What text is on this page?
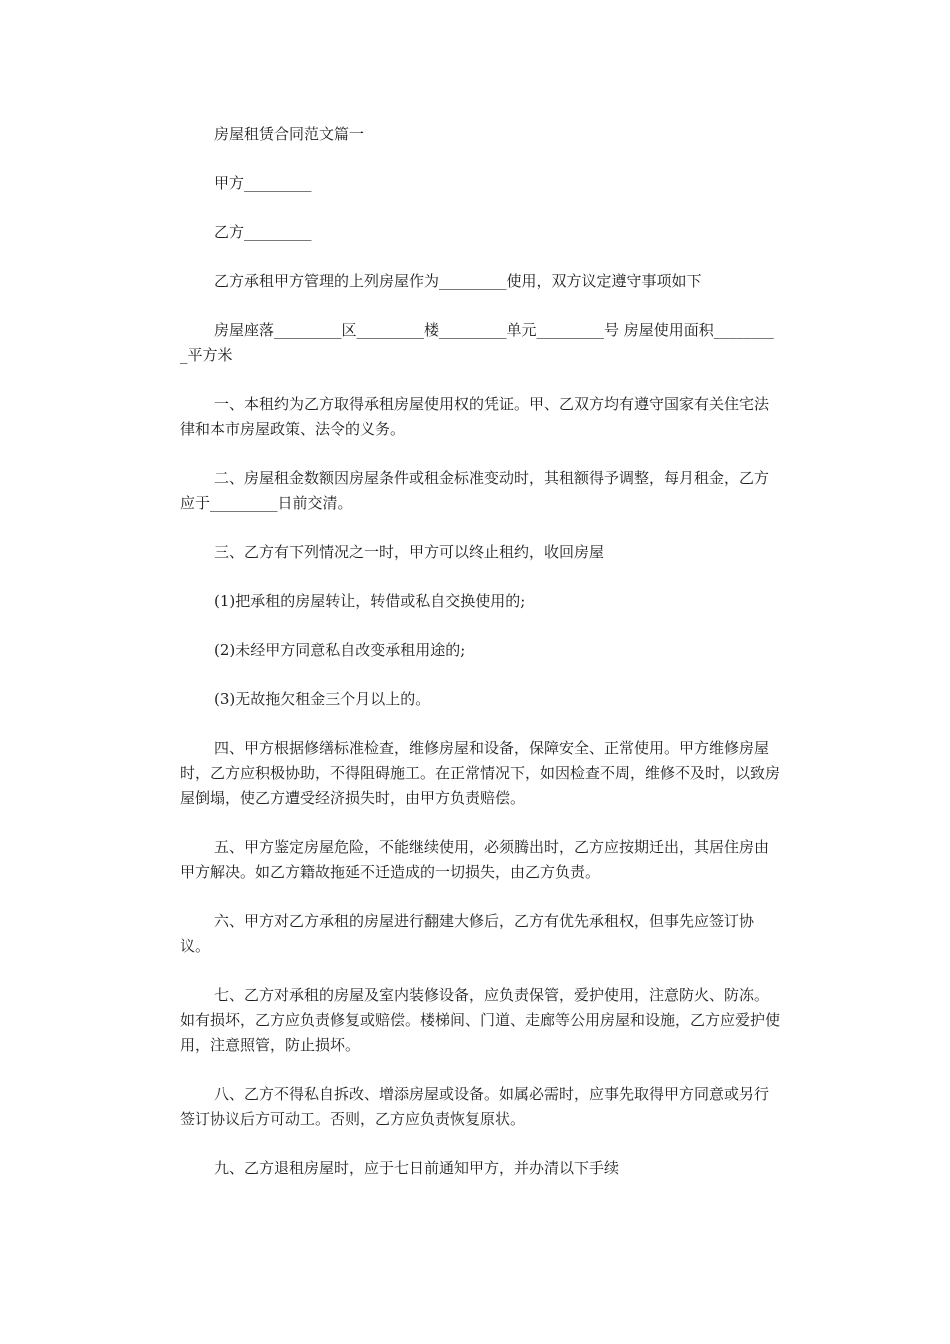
房屋租赁合同范文篇一

甲方_________

乙方_________

乙方承租甲方管理的上列房屋作为_________使用，双方议定遵守事项如下

房屋座落_________区_________楼_________单元_________号 房屋使用面积_________平方米

一、本租约为乙方取得承租房屋使用权的凭证。甲、乙双方均有遵守国家有关住宅法律和本市房屋政策、法令的义务。

二、房屋租金数额因房屋条件或租金标准变动时，其租额得予调整，每月租金，乙方应于_________日前交清。

三、乙方有下列情况之一时，甲方可以终止租约，收回房屋

(1)把承租的房屋转让，转借或私自交换使用的;

(2)未经甲方同意私自改变承租用途的;

(3)无故拖欠租金三个月以上的。

四、甲方根据修缮标准检查，维修房屋和设备，保障安全、正常使用。甲方维修房屋时，乙方应积极协助，不得阻碍施工。在正常情况下，如因检查不周，维修不及时，以致房屋倒塌，使乙方遭受经济损失时，由甲方负责赔偿。

五、甲方鉴定房屋危险，不能继续使用，必须腾出时，乙方应按期迁出，其居住房由甲方解决。如乙方籍故拖延不迁造成的一切损失，由乙方负责。

六、甲方对乙方承租的房屋进行翻建大修后，乙方有优先承租权，但事先应签订协议。

七、乙方对承租的房屋及室内装修设备，应负责保管，爱护使用，注意防火、防冻。如有损坏，乙方应负责修复或赔偿。楼梯间、门道、走廊等公用房屋和设施，乙方应爱护使用，注意照管，防止损坏。

八、乙方不得私自拆改、增添房屋或设备。如属必需时，应事先取得甲方同意或另行签订协议后方可动工。否则，乙方应负责恢复原状。

九、乙方退租房屋时，应于七日前通知甲方，并办清以下手续
